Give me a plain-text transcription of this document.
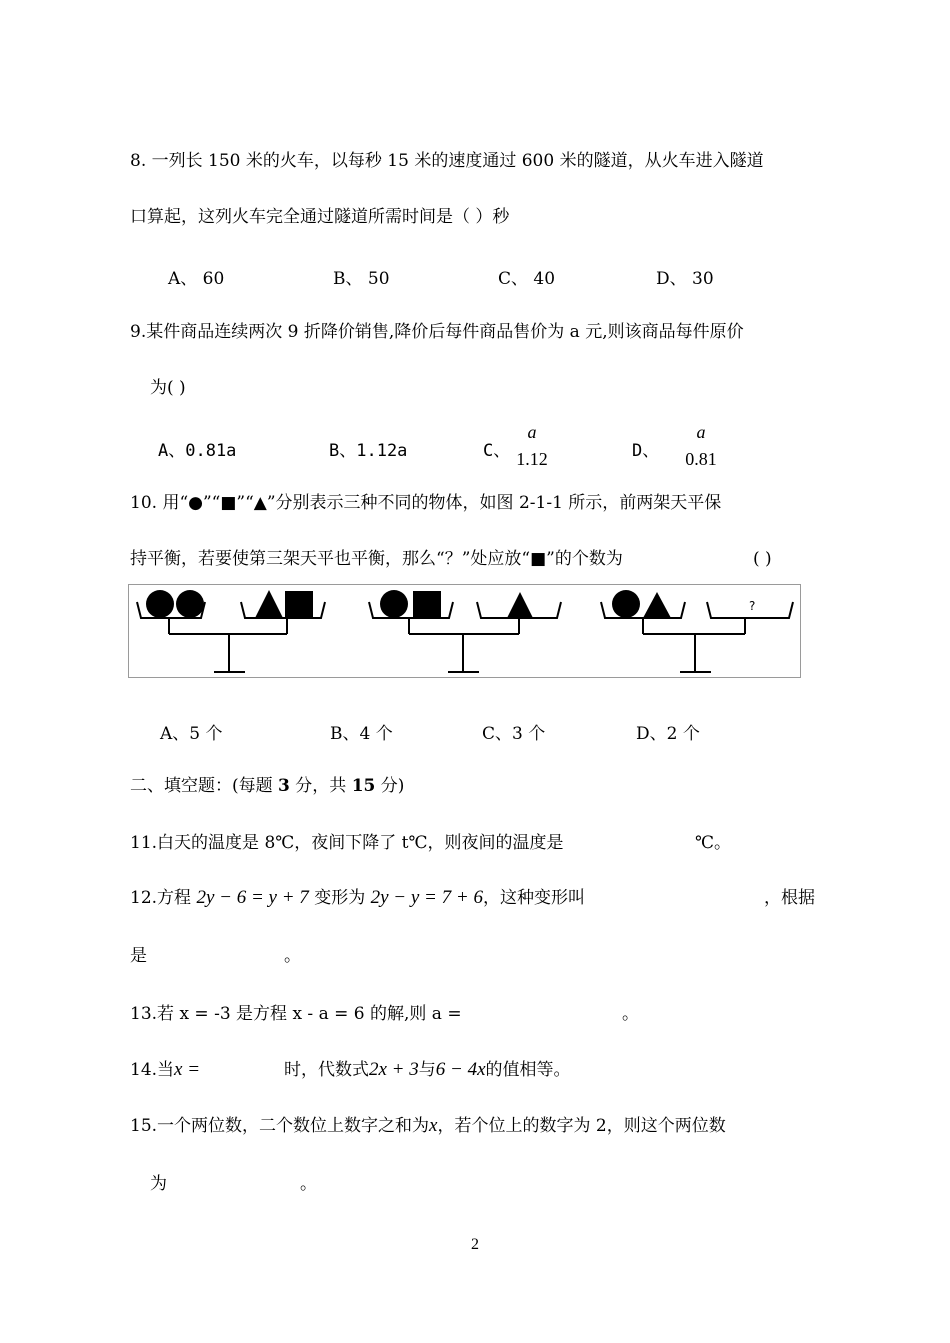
8. 一列长 150 米的火车，以每秒 15 米的速度通过 600 米的隧道，从火车进入隧道
口算起，这列火车完全通过隧道所需时间是（ ）秒
A、 60	B、 50	C、 40	D、 30
9.某件商品连续两次 9 折降价销售,降价后每件商品售价为 a 元,则该商品每件原价
为( )
A、0.81a	B、1.12a	C、
a
1.12	D、
a
0.81
10. 用“●”“■”“▲”分别表示三种不同的物体，如图 2-1-1 所示，前两架天平保
持平衡，若要使第三架天平也平衡，那么“？”处应放“■”的个数为	( )
?
A、5 个	B、4 个	C、3 个	D、2 个
二、填空题：(每题 3 分，共 15 分)
11.白天的温度是 8℃，夜间下降了 t℃，则夜间的温度是	℃。
12.方程 2y − 6 = y + 7 变形为 2y − y = 7 + 6，这种变形叫	，根据
是	。
13.若 x = -3 是方程 x - a = 6 的解,则 a =	。
14.当x =	时，代数式2x + 3与6 − 4x的值相等。
15.一个两位数，二个数位上数字之和为x，若个位上的数字为 2，则这个两位数
为	。
2
